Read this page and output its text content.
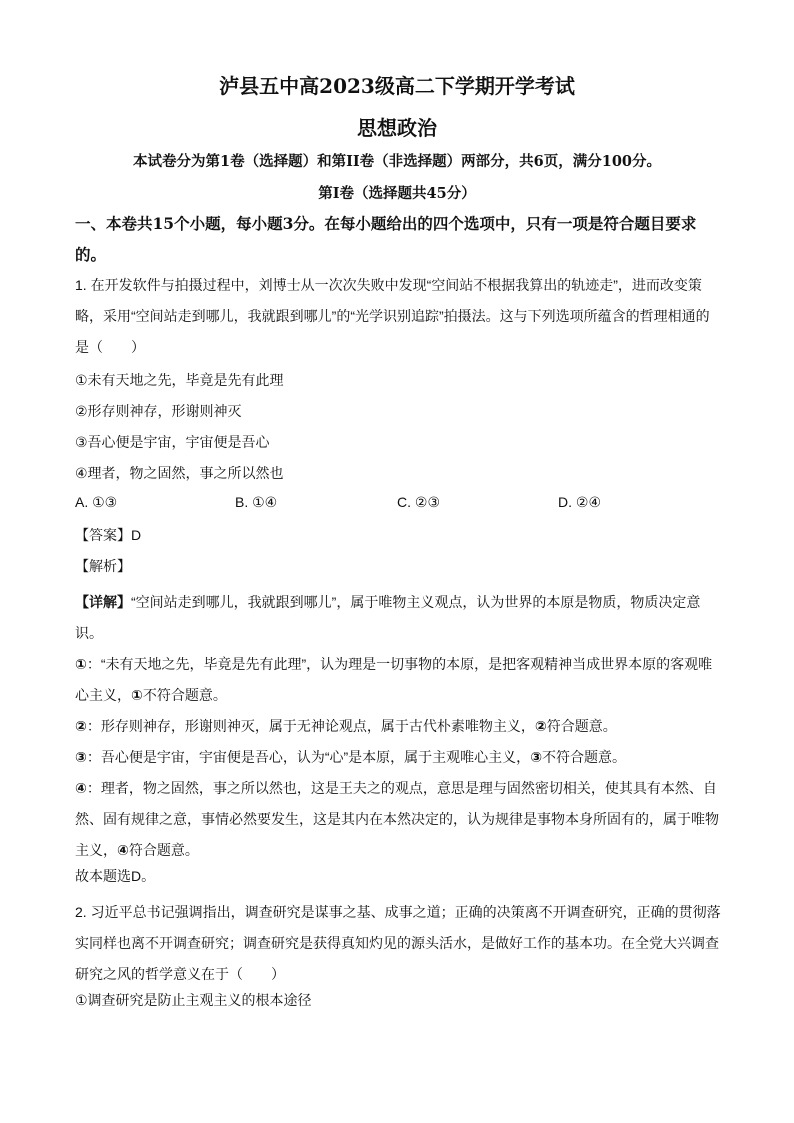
泸县五中高2023级高二下学期开学考试
思想政治
本试卷分为第1卷（选择题）和第II卷（非选择题）两部分，共6页，满分100分。
第Ⅰ卷（选择题共45分）
一、本卷共15个小题，每小题3分。在每小题给出的四个选项中，只有一项是符合题目要求的。
1. 在开发软件与拍摄过程中，刘博士从一次次失败中发现“空间站不根据我算出的轨迹走”，进而改变策略，采用“空间站走到哪儿，我就跟到哪儿”的“光学识别追踪”拍摄法。这与下列选项所蕴含的哲理相通的是（　　）
①未有天地之先，毕竟是先有此理
②形存则神存，形谢则神灭
③吾心便是宇宙，宇宙便是吾心
④理者，物之固然，事之所以然也
A. ①③	B. ①④	C. ②③	D. ②④
【答案】D
【解析】
【详解】“空间站走到哪儿，我就跟到哪儿”，属于唯物主义观点，认为世界的本原是物质，物质决定意识。
①：“未有天地之先，毕竟是先有此理”，认为理是一切事物的本原，是把客观精神当成世界本原的客观唯心主义，①不符合题意。
②：形存则神存，形谢则神灭，属于无神论观点，属于古代朴素唯物主义，②符合题意。
③：吾心便是宇宙，宇宙便是吾心，认为“心”是本原，属于主观唯心主义，③不符合题意。
④：理者，物之固然，事之所以然也，这是王夫之的观点，意思是理与固然密切相关，使其具有本然、自然、固有规律之意，事情必然要发生，这是其内在本然决定的，认为规律是事物本身所固有的，属于唯物主义，④符合题意。
故本题选D。
2. 习近平总书记强调指出，调查研究是谋事之基、成事之道；正确的决策离不开调查研究，正确的贯彻落实同样也离不开调查研究；调查研究是获得真知灼见的源头活水，是做好工作的基本功。在全党大兴调查研究之风的哲学意义在于（　　）
①调查研究是防止主观主义的根本途径
